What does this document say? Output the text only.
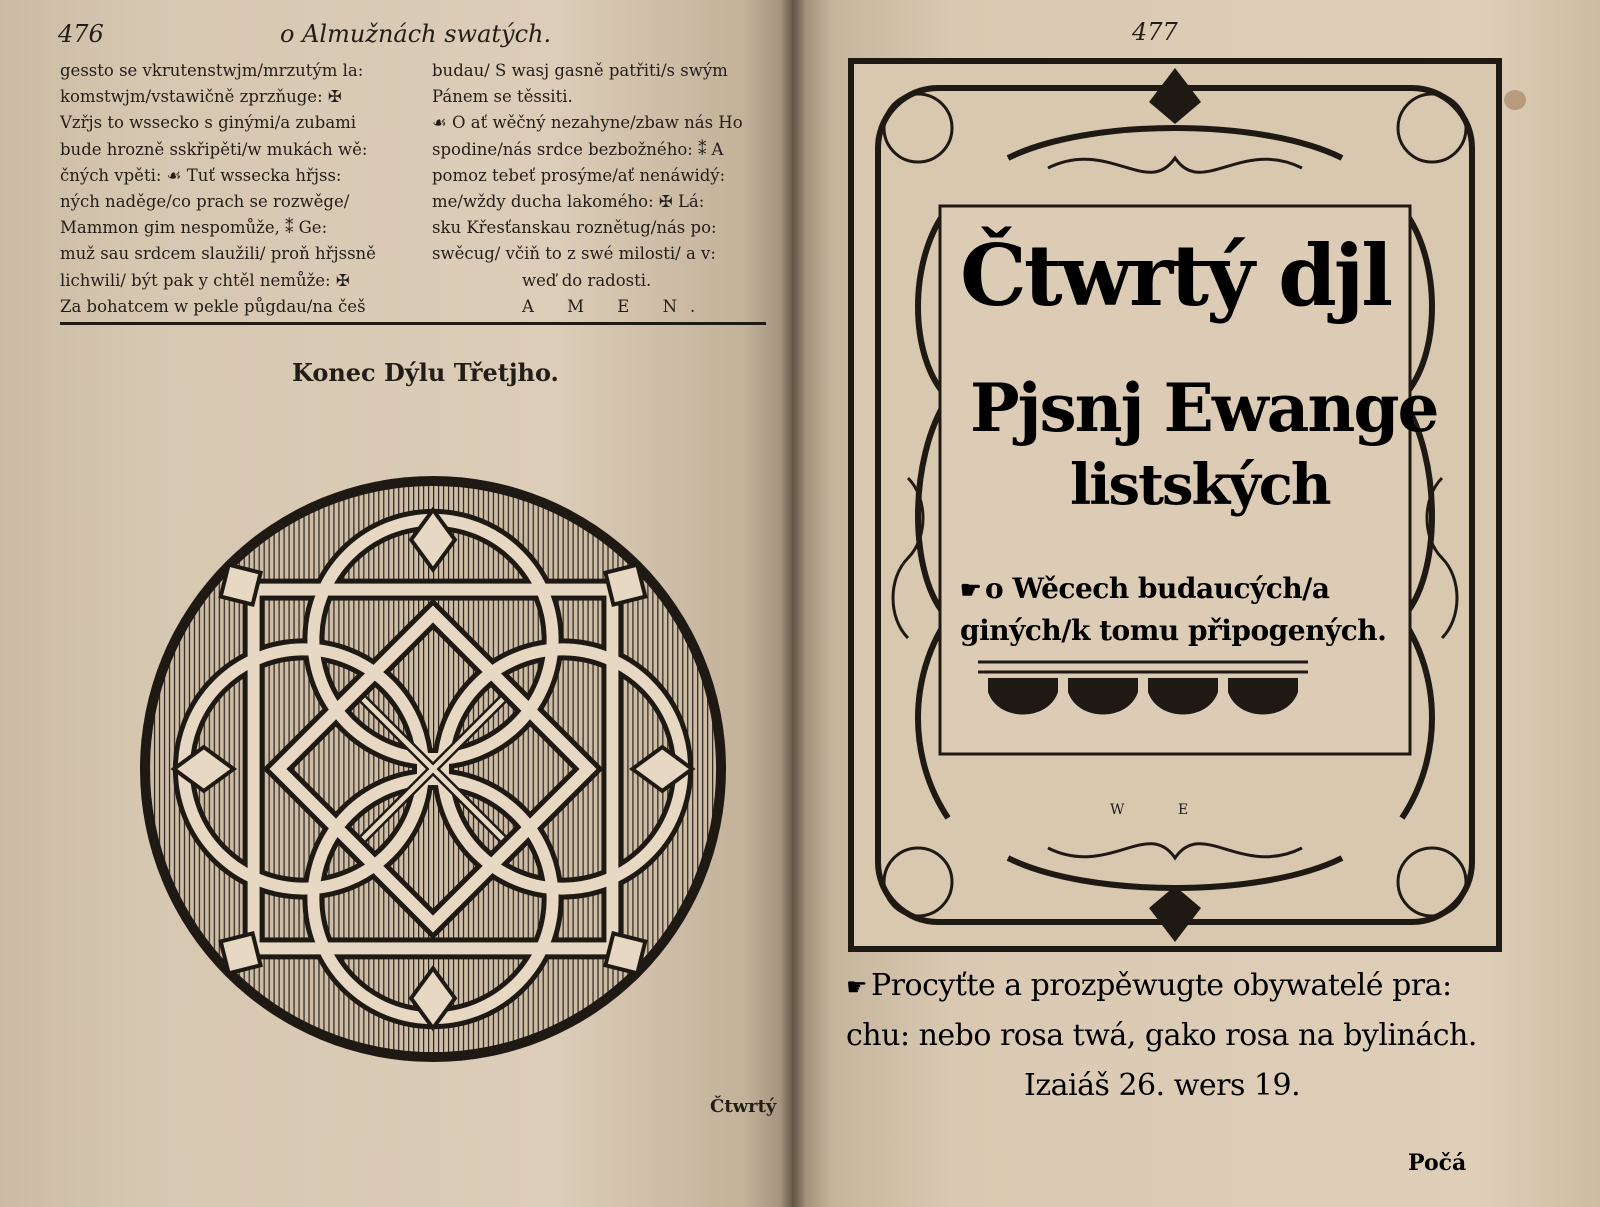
476	o Almužnách swatých.
gessto se vkrutenstwjm/mrzutým la:
komstwjm/vstawičně zprzňuge: ✠
Vzřjs to wssecko s ginými/a zubami
bude hrozně sskřipěti/w mukách wě:
čných vpěti: ☙ Tuť wssecka hřjss:
ných naděge/co prach se rozwěge/
Mammon gim nespomůže, ⁑ Ge:
muž sau srdcem slaužili/ proň hřjssně
lichwili/ být pak y chtěl nemůže: ✠
Za bohatcem w pekle půgdau/na češ
budau/ S wasj gasně patřiti/s swým
Pánem se těssiti.
☙ O ať wěčný nezahyne/zbaw nás Ho
spodine/nás srdce bezbožného: ⁑ A
pomoz tebeť prosýme/ať nenáwidý:
me/wždy ducha lakomého: ✠ Lá:
sku Křesťanskau roznětug/nás po:
swěcug/ včiň to z swé milosti/ a v:
weď do radosti.
A M E N.
Konec Dýlu Třetjho.
Čtwrtý
477
W	E
Čtwrtý djl
Pjsnj Ewange
listských
☛ o Wěcech budaucých/a
giných/k tomu připogených.
☛ Procyťte a prozpěwugte obywatelé pra:
chu: nebo rosa twá, gako rosa na bylinách.
Izaiáš 26. wers 19.
Počá
